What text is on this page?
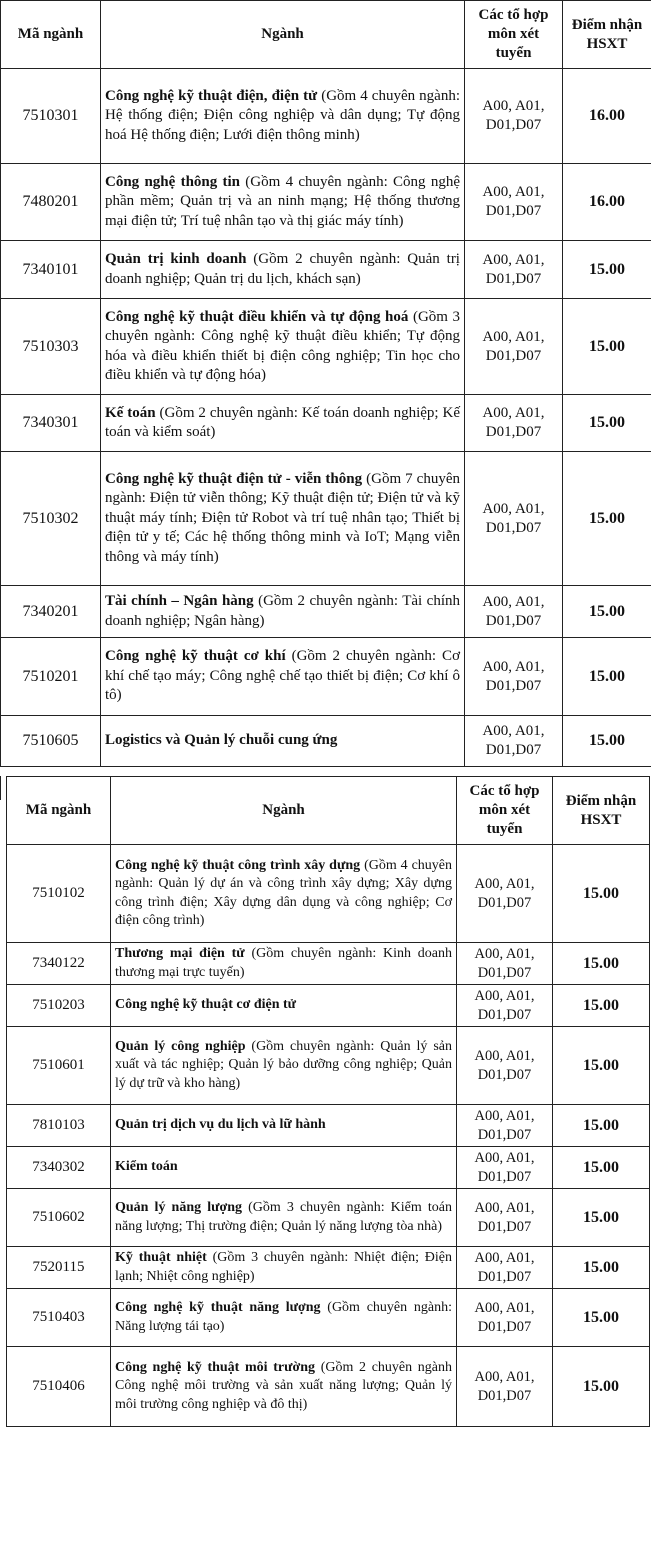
Mã ngành	Ngành	Các tổ hợp môn xét tuyển	Điểm nhận HSXT
7510301	Công nghệ kỹ thuật điện, điện tử (Gồm 4 chuyên ngành: Hệ thống điện; Điện công nghiệp và dân dụng; Tự động hoá Hệ thống điện; Lưới điện thông minh)	A00, A01, D01,D07	16.00
7480201	Công nghệ thông tin (Gồm 4 chuyên ngành: Công nghệ phần mềm; Quản trị và an ninh mạng; Hệ thống thương mại điện tử; Trí tuệ nhân tạo và thị giác máy tính)	A00, A01, D01,D07	16.00
7340101	Quản trị kinh doanh (Gồm 2 chuyên ngành: Quản trị doanh nghiệp; Quản trị du lịch, khách sạn)	A00, A01, D01,D07	15.00
7510303	Công nghệ kỹ thuật điều khiển và tự động hoá (Gồm 3 chuyên ngành: Công nghệ kỹ thuật điều khiển; Tự động hóa và điều khiển thiết bị điện công nghiệp; Tin học cho điều khiển và tự động hóa)	A00, A01, D01,D07	15.00
7340301	Kế toán (Gồm 2 chuyên ngành: Kế toán doanh nghiệp; Kế toán và kiểm soát)	A00, A01, D01,D07	15.00
7510302	Công nghệ kỹ thuật điện tử - viễn thông (Gồm 7 chuyên ngành: Điện tử viễn thông; Kỹ thuật điện tử; Điện tử và kỹ thuật máy tính; Điện tử Robot và trí tuệ nhân tạo; Thiết bị điện tử y tế; Các hệ thống thông minh và IoT; Mạng viễn thông và máy tính)	A00, A01, D01,D07	15.00
7340201	Tài chính – Ngân hàng (Gồm 2 chuyên ngành: Tài chính doanh nghiệp; Ngân hàng)	A00, A01, D01,D07	15.00
7510201	Công nghệ kỹ thuật cơ khí (Gồm 2 chuyên ngành: Cơ khí chế tạo máy; Công nghệ chế tạo thiết bị điện; Cơ khí ô tô)	A00, A01, D01,D07	15.00
7510605	Logistics và Quản lý chuỗi cung ứng	A00, A01, D01,D07	15.00
Mã ngành	Ngành	Các tổ hợp môn xét tuyển	Điểm nhận HSXT
7510102	Công nghệ kỹ thuật công trình xây dựng (Gồm 4 chuyên ngành: Quản lý dự án và công trình xây dựng; Xây dựng công trình điện; Xây dựng dân dụng và công nghiệp; Cơ điện công trình)	A00, A01, D01,D07	15.00
7340122	Thương mại điện tử (Gồm chuyên ngành: Kinh doanh thương mại trực tuyến)	A00, A01, D01,D07	15.00
7510203	Công nghệ kỹ thuật cơ điện tử	A00, A01, D01,D07	15.00
7510601	Quản lý công nghiệp (Gồm chuyên ngành: Quản lý sản xuất và tác nghiệp; Quản lý bảo dưỡng công nghiệp; Quản lý dự trữ và kho hàng)	A00, A01, D01,D07	15.00
7810103	Quản trị dịch vụ du lịch và lữ hành	A00, A01, D01,D07	15.00
7340302	Kiểm toán	A00, A01, D01,D07	15.00
7510602	Quản lý năng lượng (Gồm 3 chuyên ngành: Kiểm toán năng lượng; Thị trường điện; Quản lý năng lượng tòa nhà)	A00, A01, D01,D07	15.00
7520115	Kỹ thuật nhiệt (Gồm 3 chuyên ngành: Nhiệt điện; Điện lạnh; Nhiệt công nghiệp)	A00, A01, D01,D07	15.00
7510403	Công nghệ kỹ thuật năng lượng (Gồm chuyên ngành: Năng lượng tái tạo)	A00, A01, D01,D07	15.00
7510406	Công nghệ kỹ thuật môi trường (Gồm 2 chuyên ngành Công nghệ môi trường và sản xuất năng lượng; Quản lý môi trường công nghiệp và đô thị)	A00, A01, D01,D07	15.00
